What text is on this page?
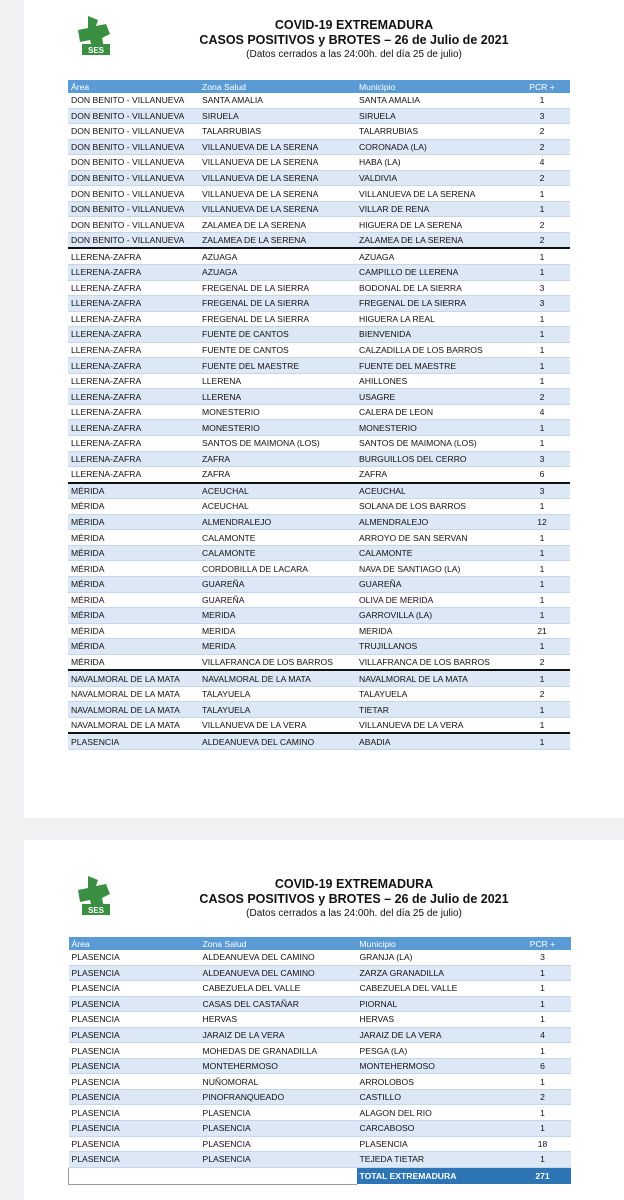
SES
COVID-19 EXTREMADURA
CASOS POSITIVOS y BROTES – 26 de Julio de 2021
(Datos cerrados a las 24:00h. del día 25 de julio)
Área	Zona Salud	Municipio	PCR +
DON BENITO - VILLANUEVA	SANTA AMALIA	SANTA AMALIA	1
DON BENITO - VILLANUEVA	SIRUELA	SIRUELA	3
DON BENITO - VILLANUEVA	TALARRUBIAS	TALARRUBIAS	2
DON BENITO - VILLANUEVA	VILLANUEVA DE LA SERENA	CORONADA (LA)	2
DON BENITO - VILLANUEVA	VILLANUEVA DE LA SERENA	HABA (LA)	4
DON BENITO - VILLANUEVA	VILLANUEVA DE LA SERENA	VALDIVIA	2
DON BENITO - VILLANUEVA	VILLANUEVA DE LA SERENA	VILLANUEVA DE LA SERENA	1
DON BENITO - VILLANUEVA	VILLANUEVA DE LA SERENA	VILLAR DE RENA	1
DON BENITO - VILLANUEVA	ZALAMEA DE LA SERENA	HIGUERA DE LA SERENA	2
DON BENITO - VILLANUEVA	ZALAMEA DE LA SERENA	ZALAMEA DE LA SERENA	2
LLERENA-ZAFRA	AZUAGA	AZUAGA	1
LLERENA-ZAFRA	AZUAGA	CAMPILLO DE LLERENA	1
LLERENA-ZAFRA	FREGENAL DE LA SIERRA	BODONAL DE LA SIERRA	3
LLERENA-ZAFRA	FREGENAL DE LA SIERRA	FREGENAL DE LA SIERRA	3
LLERENA-ZAFRA	FREGENAL DE LA SIERRA	HIGUERA LA REAL	1
LLERENA-ZAFRA	FUENTE DE CANTOS	BIENVENIDA	1
LLERENA-ZAFRA	FUENTE DE CANTOS	CALZADILLA DE LOS BARROS	1
LLERENA-ZAFRA	FUENTE DEL MAESTRE	FUENTE DEL MAESTRE	1
LLERENA-ZAFRA	LLERENA	AHILLONES	1
LLERENA-ZAFRA	LLERENA	USAGRE	2
LLERENA-ZAFRA	MONESTERIO	CALERA DE LEON	4
LLERENA-ZAFRA	MONESTERIO	MONESTERIO	1
LLERENA-ZAFRA	SANTOS DE MAIMONA (LOS)	SANTOS DE MAIMONA (LOS)	1
LLERENA-ZAFRA	ZAFRA	BURGUILLOS DEL CERRO	3
LLERENA-ZAFRA	ZAFRA	ZAFRA	6
MÉRIDA	ACEUCHAL	ACEUCHAL	3
MÉRIDA	ACEUCHAL	SOLANA DE LOS BARROS	1
MÉRIDA	ALMENDRALEJO	ALMENDRALEJO	12
MÉRIDA	CALAMONTE	ARROYO DE SAN SERVAN	1
MÉRIDA	CALAMONTE	CALAMONTE	1
MÉRIDA	CORDOBILLA DE LACARA	NAVA DE SANTIAGO (LA)	1
MÉRIDA	GUAREÑA	GUAREÑA	1
MÉRIDA	GUAREÑA	OLIVA DE MERIDA	1
MÉRIDA	MERIDA	GARROVILLA (LA)	1
MÉRIDA	MERIDA	MERIDA	21
MÉRIDA	MERIDA	TRUJILLANOS	1
MÉRIDA	VILLAFRANCA DE LOS BARROS	VILLAFRANCA DE LOS BARROS	2
NAVALMORAL DE LA MATA	NAVALMORAL DE LA MATA	NAVALMORAL DE LA MATA	1
NAVALMORAL DE LA MATA	TALAYUELA	TALAYUELA	2
NAVALMORAL DE LA MATA	TALAYUELA	TIETAR	1
NAVALMORAL DE LA MATA	VILLANUEVA DE LA VERA	VILLANUEVA DE LA VERA	1
PLASENCIA	ALDEANUEVA DEL CAMINO	ABADIA	1
SES
COVID-19 EXTREMADURA
CASOS POSITIVOS y BROTES – 26 de Julio de 2021
(Datos cerrados a las 24:00h. del día 25 de julio)
Área	Zona Salud	Municipio	PCR +
PLASENCIA	ALDEANUEVA DEL CAMINO	GRANJA (LA)	3
PLASENCIA	ALDEANUEVA DEL CAMINO	ZARZA GRANADILLA	1
PLASENCIA	CABEZUELA DEL VALLE	CABEZUELA DEL VALLE	1
PLASENCIA	CASAS DEL CASTAÑAR	PIORNAL	1
PLASENCIA	HERVAS	HERVAS	1
PLASENCIA	JARAIZ DE LA VERA	JARAIZ DE LA VERA	4
PLASENCIA	MOHEDAS DE GRANADILLA	PESGA (LA)	1
PLASENCIA	MONTEHERMOSO	MONTEHERMOSO	6
PLASENCIA	NUÑOMORAL	ARROLOBOS	1
PLASENCIA	PINOFRANQUEADO	CASTILLO	2
PLASENCIA	PLASENCIA	ALAGON DEL RIO	1
PLASENCIA	PLASENCIA	CARCABOSO	1
PLASENCIA	PLASENCIA	PLASENCIA	18
PLASENCIA	PLASENCIA	TEJEDA TIETAR	1
		TOTAL EXTREMADURA	271
